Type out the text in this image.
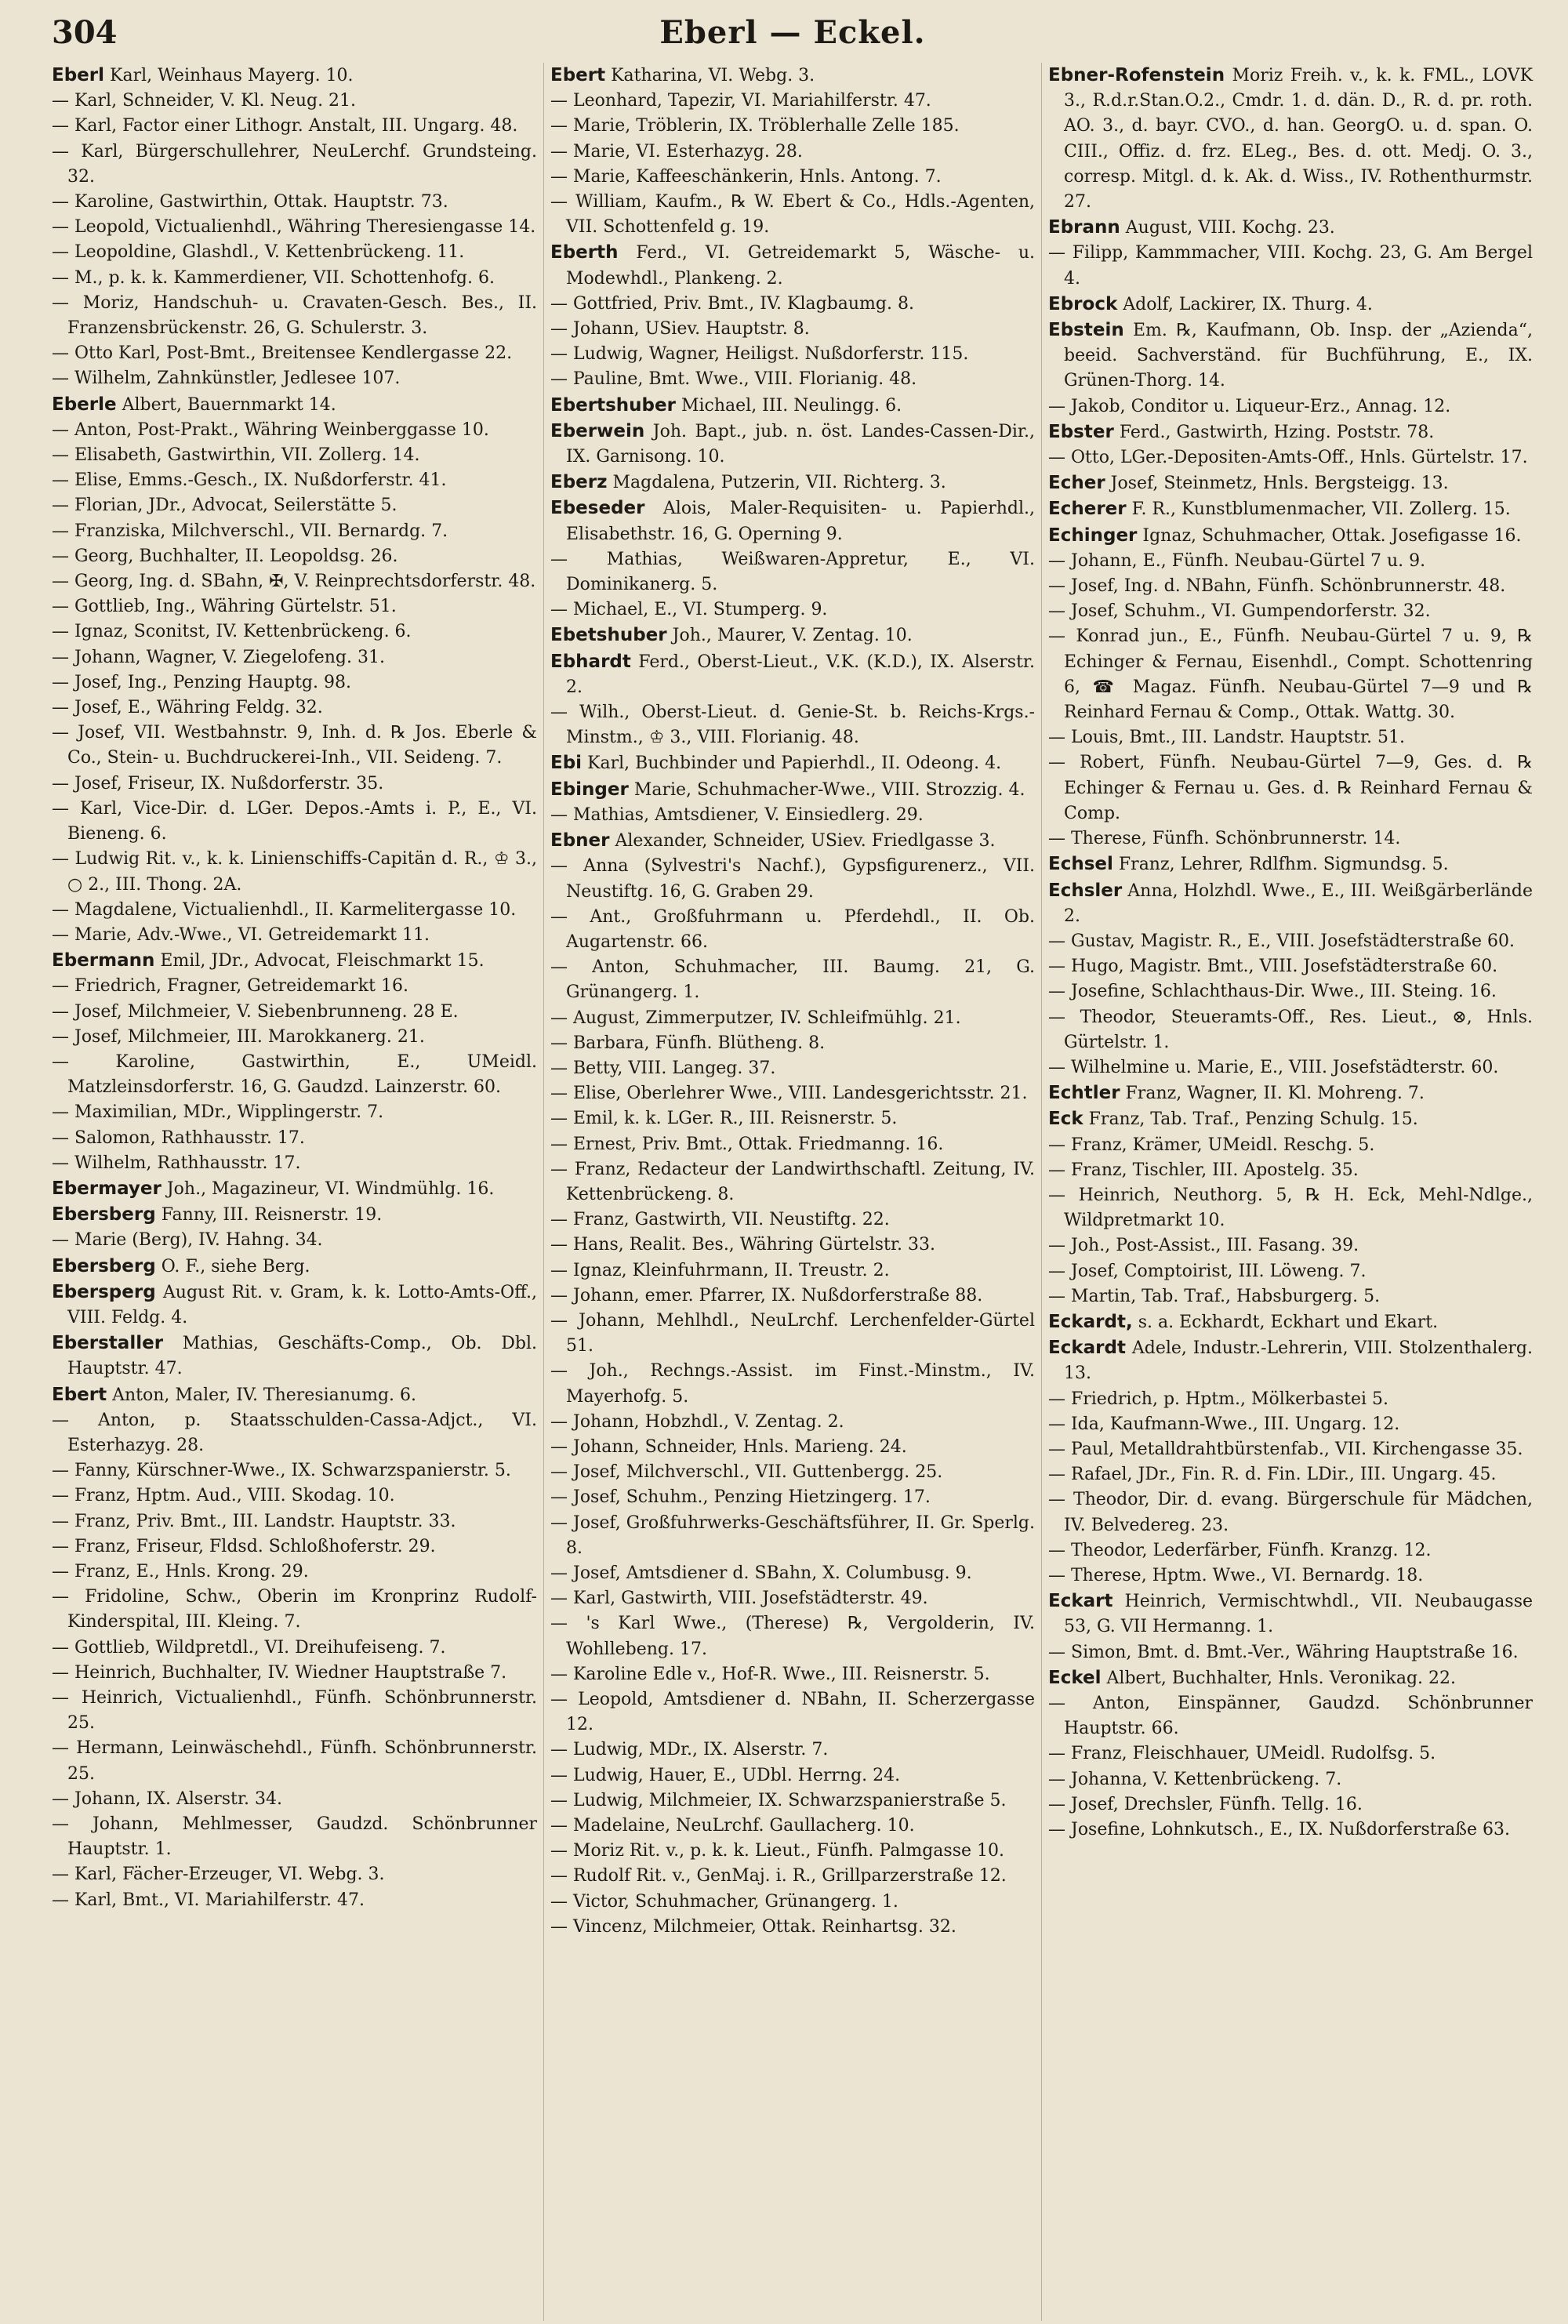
304	Eberl — Eckel.
Eberl Karl, Weinhaus Mayerg. 10.
— Karl, Schneider, V. Kl. Neug. 21.
— Karl, Factor einer Lithogr. Anstalt, III. Ungarg. 48.
— Karl, Bürgerschullehrer, NeuLerchf. Grundsteing. 32.
— Karoline, Gastwirthin, Ottak. Hauptstr. 73.
— Leopold, Victualienhdl., Währing Theresiengasse 14.
— Leopoldine, Glashdl., V. Kettenbrückeng. 11.
— M., p. k. k. Kammerdiener, VII. Schottenhofg. 6.
— Moriz, Handschuh- u. Cravaten-Gesch. Bes., II. Franzensbrückenstr. 26, G. Schulerstr. 3.
— Otto Karl, Post-Bmt., Breitensee Kendlergasse 22.
— Wilhelm, Zahnkünstler, Jedlesee 107.
Eberle Albert, Bauernmarkt 14.
— Anton, Post-Prakt., Währing Weinberggasse 10.
— Elisabeth, Gastwirthin, VII. Zollerg. 14.
— Elise, Emms.-Gesch., IX. Nußdorferstr. 41.
— Florian, JDr., Advocat, Seilerstätte 5.
— Franziska, Milchverschl., VII. Bernardg. 7.
— Georg, Buchhalter, II. Leopoldsg. 26.
— Georg, Ing. d. SBahn, ✠, V. Reinprechtsdorferstr. 48.
— Gottlieb, Ing., Währing Gürtelstr. 51.
— Ignaz, Sconitst, IV. Kettenbrückeng. 6.
— Johann, Wagner, V. Ziegelofeng. 31.
— Josef, Ing., Penzing Hauptg. 98.
— Josef, E., Währing Feldg. 32.
— Josef, VII. Westbahnstr. 9, Inh. d. ℞ Jos. Eberle & Co., Stein- u. Buchdruckerei-Inh., VII. Seideng. 7.
— Josef, Friseur, IX. Nußdorferstr. 35.
— Karl, Vice-Dir. d. LGer. Depos.-Amts i. P., E., VI. Bieneng. 6.
— Ludwig Rit. v., k. k. Linienschiffs-Capitän d. R., ♔ 3., ○ 2., III. Thong. 2A.
— Magdalene, Victualienhdl., II. Karmelitergasse 10.
— Marie, Adv.-Wwe., VI. Getreidemarkt 11.
Ebermann Emil, JDr., Advocat, Fleischmarkt 15.
— Friedrich, Fragner, Getreidemarkt 16.
— Josef, Milchmeier, V. Siebenbrunneng. 28 E.
— Josef, Milchmeier, III. Marokkanerg. 21.
— Karoline, Gastwirthin, E., UMeidl. Matzleinsdorferstr. 16, G. Gaudzd. Lainzerstr. 60.
— Maximilian, MDr., Wipplingerstr. 7.
— Salomon, Rathhausstr. 17.
— Wilhelm, Rathhausstr. 17.
Ebermayer Joh., Magazineur, VI. Windmühlg. 16.
Ebersberg Fanny, III. Reisnerstr. 19.
— Marie (Berg), IV. Hahng. 34.
Ebersberg O. F., siehe Berg.
Ebersperg August Rit. v. Gram, k. k. Lotto-Amts-Off., VIII. Feldg. 4.
Eberstaller Mathias, Geschäfts-Comp., Ob. Dbl. Hauptstr. 47.
Ebert Anton, Maler, IV. Theresianumg. 6.
— Anton, p. Staatsschulden-Cassa-Adjct., VI. Esterhazyg. 28.
— Fanny, Kürschner-Wwe., IX. Schwarzspanierstr. 5.
— Franz, Hptm. Aud., VIII. Skodag. 10.
— Franz, Priv. Bmt., III. Landstr. Hauptstr. 33.
— Franz, Friseur, Fldsd. Schloßhoferstr. 29.
— Franz, E., Hnls. Krong. 29.
— Fridoline, Schw., Oberin im Kronprinz Rudolf-Kinderspital, III. Kleing. 7.
— Gottlieb, Wildpretdl., VI. Dreihufeiseng. 7.
— Heinrich, Buchhalter, IV. Wiedner Hauptstraße 7.
— Heinrich, Victualienhdl., Fünfh. Schönbrunnerstr. 25.
— Hermann, Leinwäschehdl., Fünfh. Schönbrunnerstr. 25.
— Johann, IX. Alserstr. 34.
— Johann, Mehlmesser, Gaudzd. Schönbrunner Hauptstr. 1.
— Karl, Fächer-Erzeuger, VI. Webg. 3.
— Karl, Bmt., VI. Mariahilferstr. 47.
Ebert Katharina, VI. Webg. 3.
— Leonhard, Tapezir, VI. Mariahilferstr. 47.
— Marie, Tröblerin, IX. Tröblerhalle Zelle 185.
— Marie, VI. Esterhazyg. 28.
— Marie, Kaffeeschänkerin, Hnls. Antong. 7.
— William, Kaufm., ℞ W. Ebert & Co., Hdls.-Agenten, VII. Schottenfeld g. 19.
Eberth Ferd., VI. Getreidemarkt 5, Wäsche- u. Modewhdl., Plankeng. 2.
— Gottfried, Priv. Bmt., IV. Klagbaumg. 8.
— Johann, USiev. Hauptstr. 8.
— Ludwig, Wagner, Heiligst. Nußdorferstr. 115.
— Pauline, Bmt. Wwe., VIII. Florianig. 48.
Ebertshuber Michael, III. Neulingg. 6.
Eberwein Joh. Bapt., jub. n. öst. Landes-Cassen-Dir., IX. Garnisong. 10.
Eberz Magdalena, Putzerin, VII. Richterg. 3.
Ebeseder Alois, Maler-Requisiten- u. Papierhdl., Elisabethstr. 16, G. Operning 9.
— Mathias, Weißwaren-Appretur, E., VI. Dominikanerg. 5.
— Michael, E., VI. Stumperg. 9.
Ebetshuber Joh., Maurer, V. Zentag. 10.
Ebhardt Ferd., Oberst-Lieut., V.K. (K.D.), IX. Alserstr. 2.
— Wilh., Oberst-Lieut. d. Genie-St. b. Reichs-Krgs.-Minstm., ♔ 3., VIII. Florianig. 48.
Ebi Karl, Buchbinder und Papierhdl., II. Odeong. 4.
Ebinger Marie, Schuhmacher-Wwe., VIII. Strozzig. 4.
— Mathias, Amtsdiener, V. Einsiedlerg. 29.
Ebner Alexander, Schneider, USiev. Friedlgasse 3.
— Anna (Sylvestri's Nachf.), Gypsfigurenerz., VII. Neustiftg. 16, G. Graben 29.
— Ant., Großfuhrmann u. Pferdehdl., II. Ob. Augartenstr. 66.
— Anton, Schuhmacher, III. Baumg. 21, G. Grünangerg. 1.
— August, Zimmerputzer, IV. Schleifmühlg. 21.
— Barbara, Fünfh. Blütheng. 8.
— Betty, VIII. Langeg. 37.
— Elise, Oberlehrer Wwe., VIII. Landesgerichtsstr. 21.
— Emil, k. k. LGer. R., III. Reisnerstr. 5.
— Ernest, Priv. Bmt., Ottak. Friedmanng. 16.
— Franz, Redacteur der Landwirthschaftl. Zeitung, IV. Kettenbrückeng. 8.
— Franz, Gastwirth, VII. Neustiftg. 22.
— Hans, Realit. Bes., Währing Gürtelstr. 33.
— Ignaz, Kleinfuhrmann, II. Treustr. 2.
— Johann, emer. Pfarrer, IX. Nußdorferstraße 88.
— Johann, Mehlhdl., NeuLrchf. Lerchenfelder-Gürtel 51.
— Joh., Rechngs.-Assist. im Finst.-Minstm., IV. Mayerhofg. 5.
— Johann, Hobzhdl., V. Zentag. 2.
— Johann, Schneider, Hnls. Marieng. 24.
— Josef, Milchverschl., VII. Guttenbergg. 25.
— Josef, Schuhm., Penzing Hietzingerg. 17.
— Josef, Großfuhrwerks-Geschäftsführer, II. Gr. Sperlg. 8.
— Josef, Amtsdiener d. SBahn, X. Columbusg. 9.
— Karl, Gastwirth, VIII. Josefstädterstr. 49.
— 's Karl Wwe., (Therese) ℞, Vergolderin, IV. Wohllebeng. 17.
— Karoline Edle v., Hof-R. Wwe., III. Reisnerstr. 5.
— Leopold, Amtsdiener d. NBahn, II. Scherzergasse 12.
— Ludwig, MDr., IX. Alserstr. 7.
— Ludwig, Hauer, E., UDbl. Herrng. 24.
— Ludwig, Milchmeier, IX. Schwarzspanierstraße 5.
— Madelaine, NeuLrchf. Gaullacherg. 10.
— Moriz Rit. v., p. k. k. Lieut., Fünfh. Palmgasse 10.
— Rudolf Rit. v., GenMaj. i. R., Grillparzerstraße 12.
— Victor, Schuhmacher, Grünangerg. 1.
— Vincenz, Milchmeier, Ottak. Reinhartsg. 32.
Ebner-Rofenstein Moriz Freih. v., k. k. FML., LOVK 3., R.d.r.Stan.O.2., Cmdr. 1. d. dän. D., R. d. pr. roth. AO. 3., d. bayr. CVO., d. han. GeorgO. u. d. span. O. CIII., Offiz. d. frz. ELeg., Bes. d. ott. Medj. O. 3., corresp. Mitgl. d. k. Ak. d. Wiss., IV. Rothenthurmstr. 27.
Ebrann August, VIII. Kochg. 23.
— Filipp, Kammmacher, VIII. Kochg. 23, G. Am Bergel 4.
Ebrock Adolf, Lackirer, IX. Thurg. 4.
Ebstein Em. ℞, Kaufmann, Ob. Insp. der „Azienda“, beeid. Sachverständ. für Buchführung, E., IX. Grünen-Thorg. 14.
— Jakob, Conditor u. Liqueur-Erz., Annag. 12.
Ebster Ferd., Gastwirth, Hzing. Poststr. 78.
— Otto, LGer.-Depositen-Amts-Off., Hnls. Gürtelstr. 17.
Echer Josef, Steinmetz, Hnls. Bergsteigg. 13.
Echerer F. R., Kunstblumenmacher, VII. Zollerg. 15.
Echinger Ignaz, Schuhmacher, Ottak. Josefigasse 16.
— Johann, E., Fünfh. Neubau-Gürtel 7 u. 9.
— Josef, Ing. d. NBahn, Fünfh. Schönbrunnerstr. 48.
— Josef, Schuhm., VI. Gumpendorferstr. 32.
— Konrad jun., E., Fünfh. Neubau-Gürtel 7 u. 9, ℞ Echinger & Fernau, Eisenhdl., Compt. Schottenring 6, ☎ Magaz. Fünfh. Neubau-Gürtel 7—9 und ℞ Reinhard Fernau & Comp., Ottak. Wattg. 30.
— Louis, Bmt., III. Landstr. Hauptstr. 51.
— Robert, Fünfh. Neubau-Gürtel 7—9, Ges. d. ℞ Echinger & Fernau u. Ges. d. ℞ Reinhard Fernau & Comp.
— Therese, Fünfh. Schönbrunnerstr. 14.
Echsel Franz, Lehrer, Rdlfhm. Sigmundsg. 5.
Echsler Anna, Holzhdl. Wwe., E., III. Weißgärberlände 2.
— Gustav, Magistr. R., E., VIII. Josefstädterstraße 60.
— Hugo, Magistr. Bmt., VIII. Josefstädterstraße 60.
— Josefine, Schlachthaus-Dir. Wwe., III. Steing. 16.
— Theodor, Steueramts-Off., Res. Lieut., ⊗, Hnls. Gürtelstr. 1.
— Wilhelmine u. Marie, E., VIII. Josefstädterstr. 60.
Echtler Franz, Wagner, II. Kl. Mohreng. 7.
Eck Franz, Tab. Traf., Penzing Schulg. 15.
— Franz, Krämer, UMeidl. Reschg. 5.
— Franz, Tischler, III. Apostelg. 35.
— Heinrich, Neuthorg. 5, ℞ H. Eck, Mehl-Ndlge., Wildpretmarkt 10.
— Joh., Post-Assist., III. Fasang. 39.
— Josef, Comptoirist, III. Löweng. 7.
— Martin, Tab. Traf., Habsburgerg. 5.
Eckardt, s. a. Eckhardt, Eckhart und Ekart.
Eckardt Adele, Industr.-Lehrerin, VIII. Stolzenthalerg. 13.
— Friedrich, p. Hptm., Mölkerbastei 5.
— Ida, Kaufmann-Wwe., III. Ungarg. 12.
— Paul, Metalldrahtbürstenfab., VII. Kirchengasse 35.
— Rafael, JDr., Fin. R. d. Fin. LDir., III. Ungarg. 45.
— Theodor, Dir. d. evang. Bürgerschule für Mädchen, IV. Belvedereg. 23.
— Theodor, Lederfärber, Fünfh. Kranzg. 12.
— Therese, Hptm. Wwe., VI. Bernardg. 18.
Eckart Heinrich, Vermischtwhdl., VII. Neubaugasse 53, G. VII Hermanng. 1.
— Simon, Bmt. d. Bmt.-Ver., Währing Hauptstraße 16.
Eckel Albert, Buchhalter, Hnls. Veronikag. 22.
— Anton, Einspänner, Gaudzd. Schönbrunner Hauptstr. 66.
— Franz, Fleischhauer, UMeidl. Rudolfsg. 5.
— Johanna, V. Kettenbrückeng. 7.
— Josef, Drechsler, Fünfh. Tellg. 16.
— Josefine, Lohnkutsch., E., IX. Nußdorferstraße 63.
